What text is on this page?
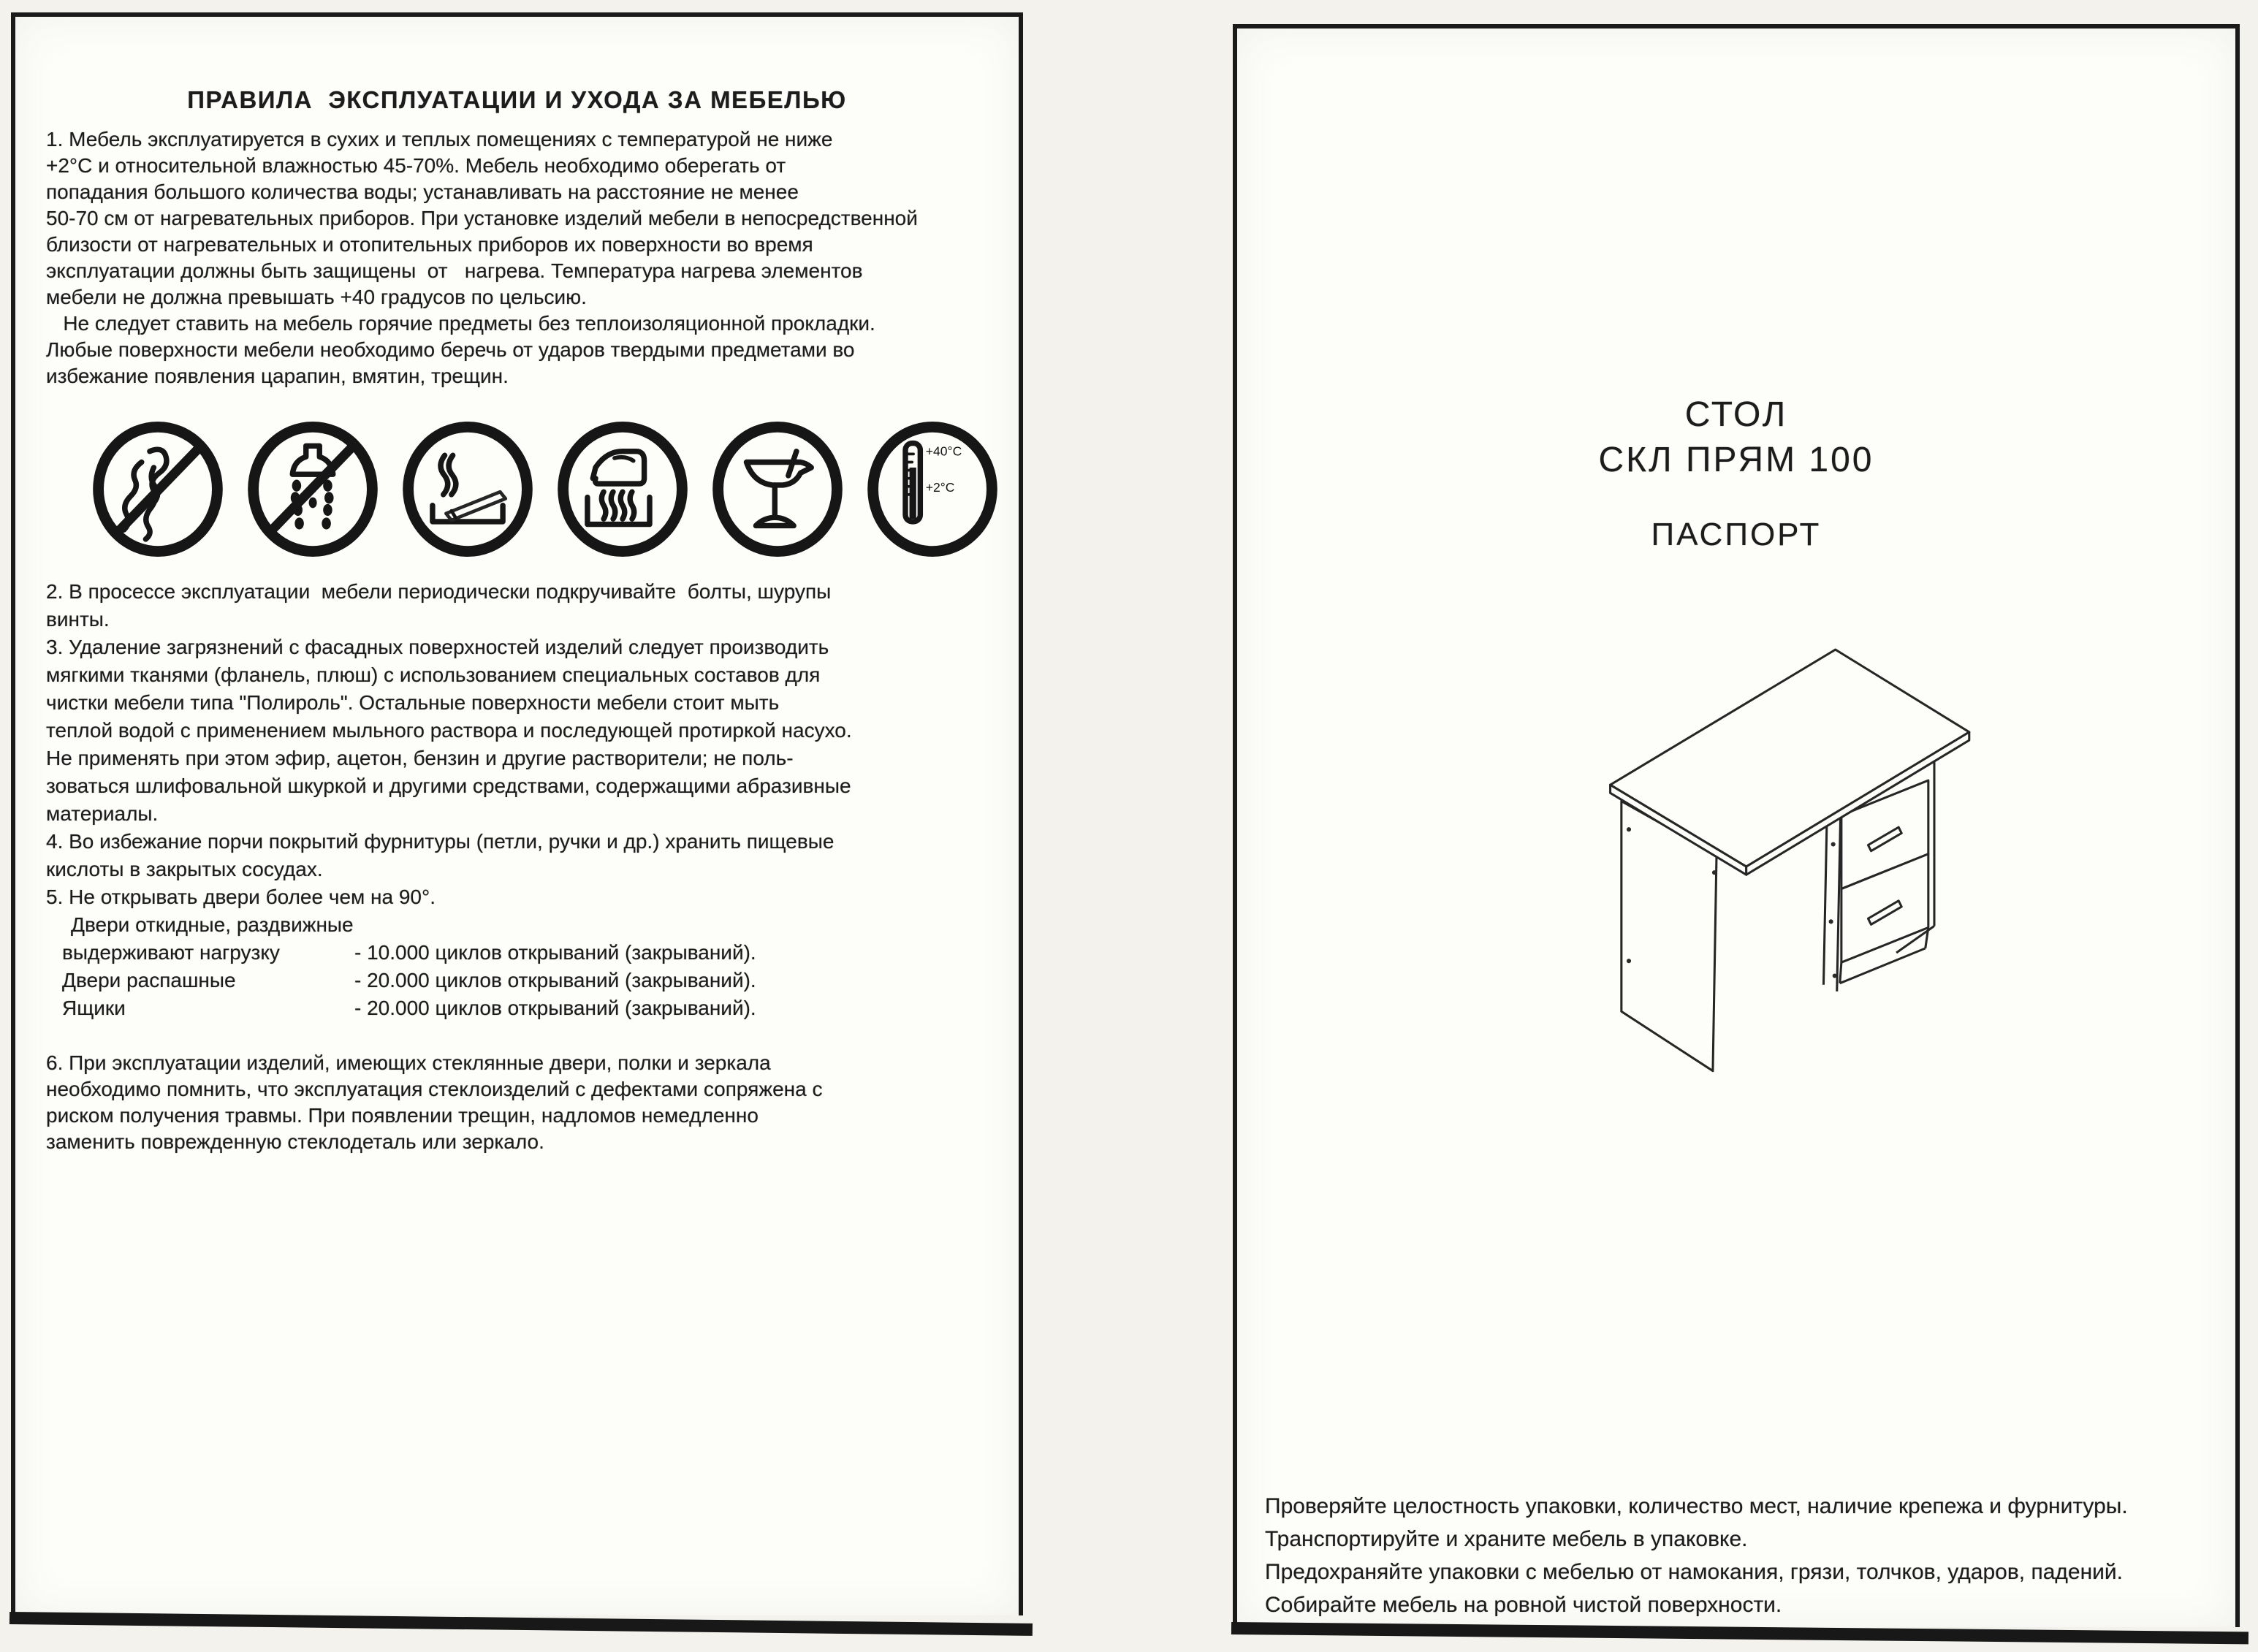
ПРАВИЛА  ЭКСПЛУАТАЦИИ И УХОДА ЗА МЕБЕЛЬЮ
1. Мебель эксплуатируется в сухих и теплых помещениях с температурой не ниже
+2°С и относительной влажностью 45-70%. Мебель необходимо оберегать от
попадания большого количества воды; устанавливать на расстояние не менее
50-70 см от нагревательных приборов. При установке изделий мебели в непосредственной
близости от нагревательных и отопительных приборов их поверхности во время
эксплуатации должны быть защищены  от   нагрева. Температура нагрева элементов
мебели не должна превышать +40 градусов по цельсию.
Не следует ставить на мебель горячие предметы без теплоизоляционной прокладки.
Любые поверхности мебели необходимо беречь от ударов твердыми предметами во
избежание появления царапин, вмятин, трещин.
+40°C
+2°C
2. В просессе эксплуатации  мебели периодически подкручивайте  болты, шурупы
винты.
3. Удаление загрязнений с фасадных поверхностей изделий следует производить
мягкими тканями (фланель, плюш) с использованием специальных составов для
чистки мебели типа "Полироль". Остальные поверхности мебели стоит мыть
теплой водой с применением мыльного раствора и последующей протиркой насухо.
Не применять при этом эфир, ацетон, бензин и другие растворители; не поль-
зоваться шлифовальной шкуркой и другими средствами, содержащими абразивные
материалы.
4. Во избежание порчи покрытий фурнитуры (петли, ручки и др.) хранить пищевые
кислоты в закрытых сосудах.
5. Не открывать двери более чем на 90°.
Двери откидные, раздвижные
выдерживают нагрузку	- 10.000 циклов открываний (закрываний).
Двери распашные	- 20.000 циклов открываний (закрываний).
Ящики	- 20.000 циклов открываний (закрываний).
6. При эксплуатации изделий, имеющих стеклянные двери, полки и зеркала
необходимо помнить, что эксплуатация стеклоизделий с дефектами сопряжена с
риском получения травмы. При появлении трещин, надломов немедленно
заменить поврежденную стеклодеталь или зеркало.
СТОЛ
СКЛ ПРЯМ 100
ПАСПОРТ
Проверяйте целостность упаковки, количество мест, наличие крепежа и фурнитуры.
Транспортируйте и храните мебель в упаковке.
Предохраняйте упаковки с мебелью от намокания, грязи, толчков, ударов, падений.
Собирайте мебель на ровной чистой поверхности.
